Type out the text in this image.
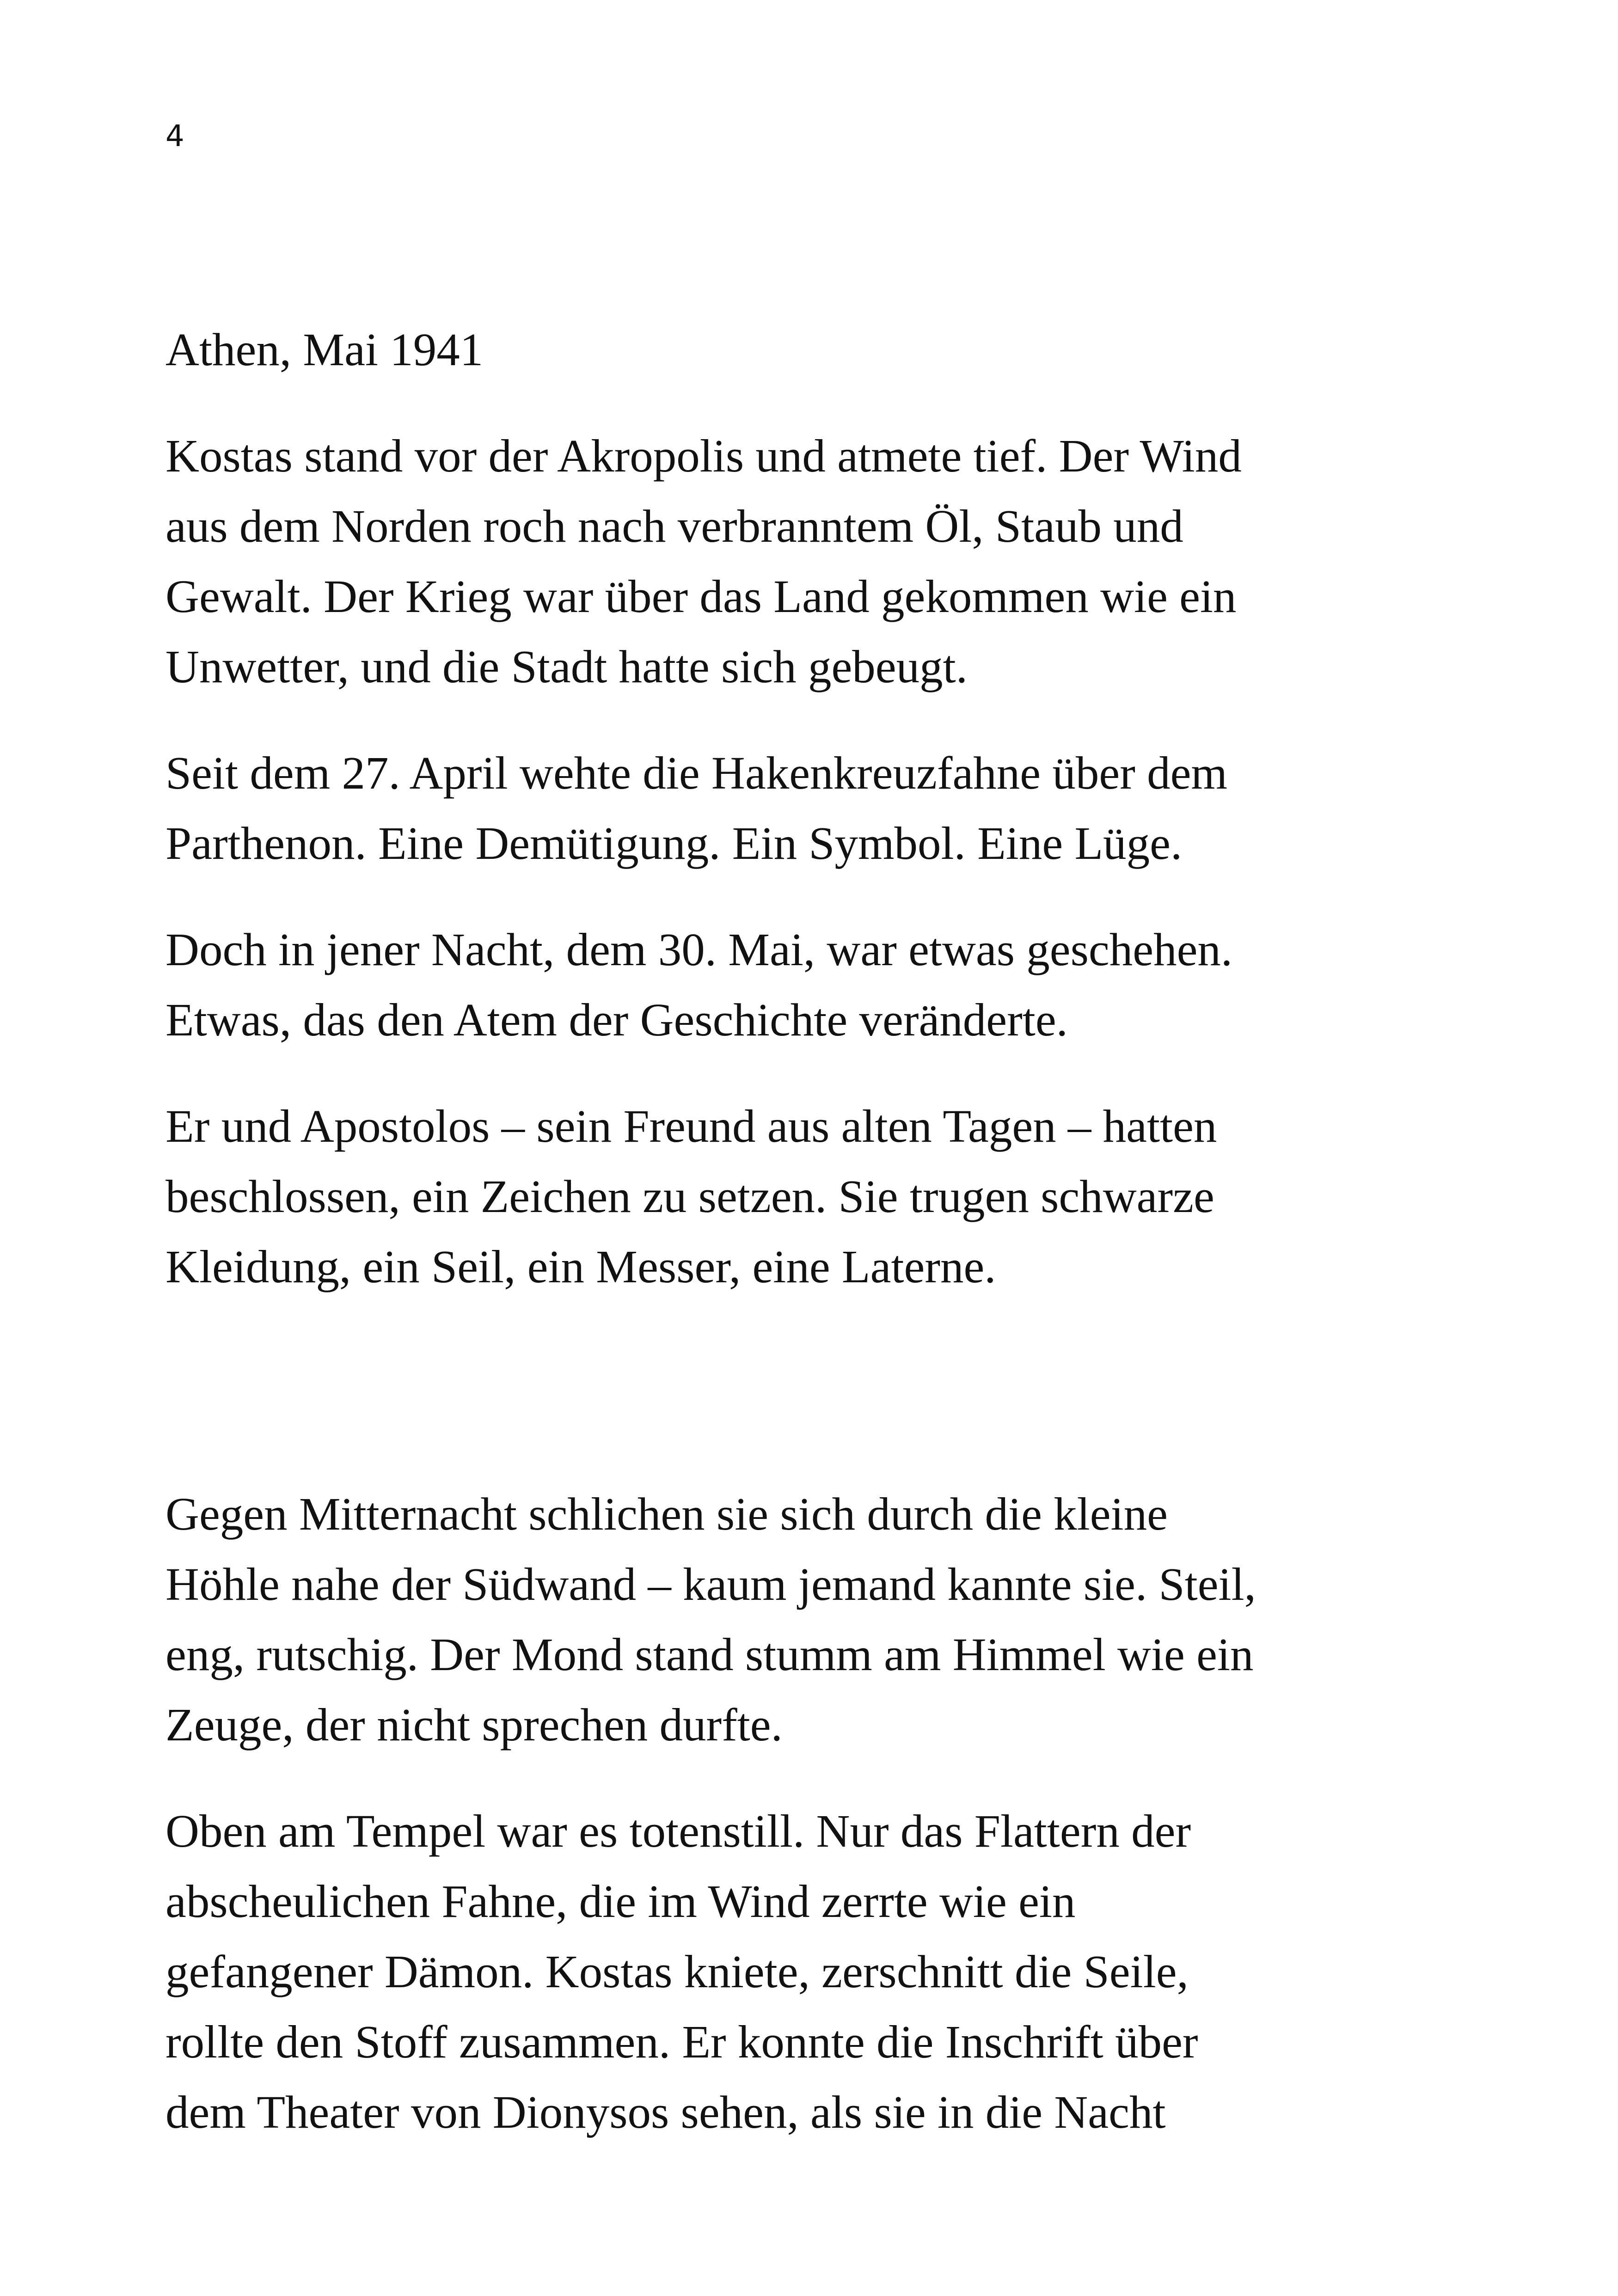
4

Athen, Mai 1941

Kostas stand vor der Akropolis und atmete tief. Der Wind
aus dem Norden roch nach verbranntem Öl, Staub und
Gewalt. Der Krieg war über das Land gekommen wie ein
Unwetter, und die Stadt hatte sich gebeugt.

Seit dem 27. April wehte die Hakenkreuzfahne über dem
Parthenon. Eine Demütigung. Ein Symbol. Eine Lüge.

Doch in jener Nacht, dem 30. Mai, war etwas geschehen.
Etwas, das den Atem der Geschichte veränderte.

Er und Apostolos – sein Freund aus alten Tagen – hatten
beschlossen, ein Zeichen zu setzen. Sie trugen schwarze
Kleidung, ein Seil, ein Messer, eine Laterne.

Gegen Mitternacht schlichen sie sich durch die kleine
Höhle nahe der Südwand – kaum jemand kannte sie. Steil,
eng, rutschig. Der Mond stand stumm am Himmel wie ein
Zeuge, der nicht sprechen durfte.

Oben am Tempel war es totenstill. Nur das Flattern der
abscheulichen Fahne, die im Wind zerrte wie ein
gefangener Dämon. Kostas kniete, zerschnitt die Seile,
rollte den Stoff zusammen. Er konnte die Inschrift über
dem Theater von Dionysos sehen, als sie in die Nacht
